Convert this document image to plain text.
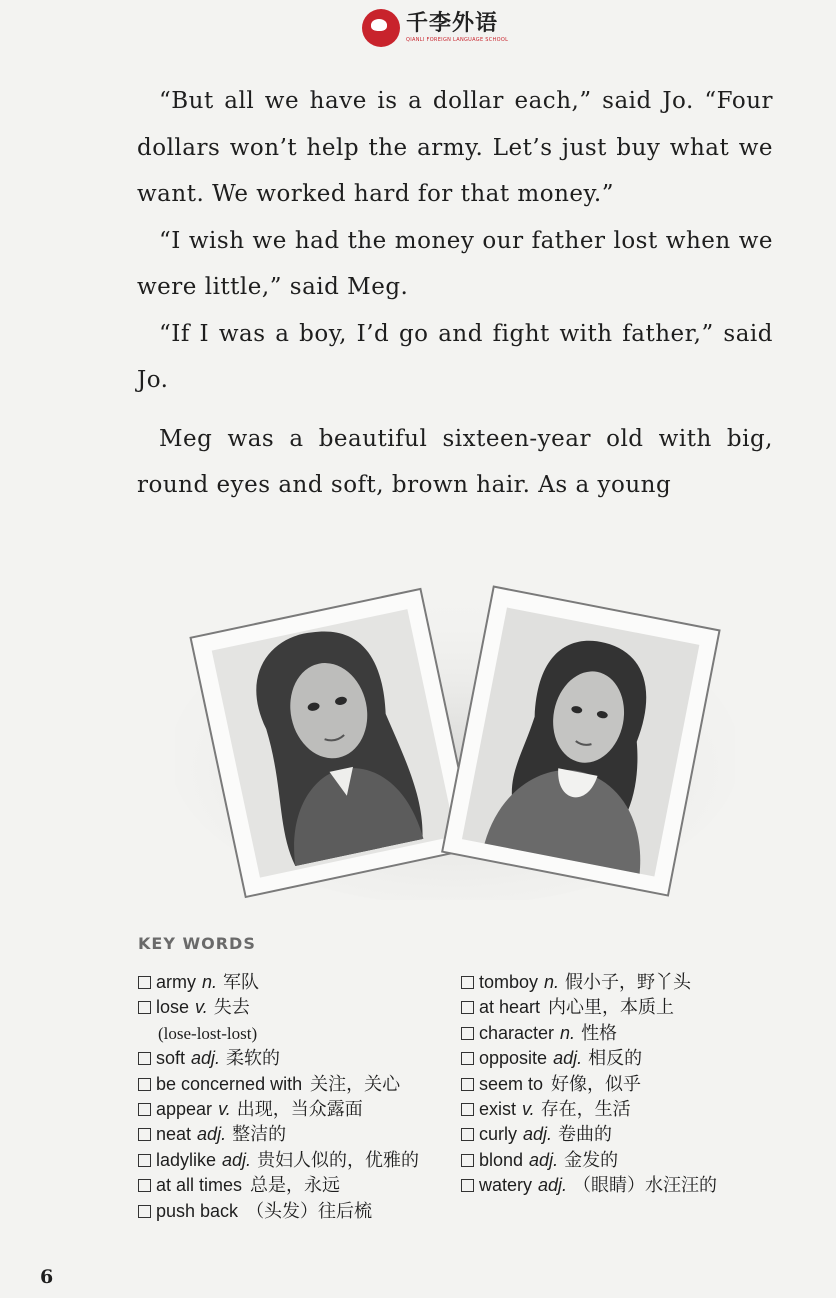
千李外语
QIANLI FOREIGN LANGUAGE SCHOOL

“But all we have is a dollar each,” said Jo. “Four dollars won’t help the army. Let’s just buy what we want. We worked hard for that money.”

“I wish we had the money our father lost when we were little,” said Meg.

“If I was a boy, I’d go and fight with father,” said Jo.

Meg was a beautiful sixteen-year old with big, round eyes and soft, brown hair. As a young

KEY WORDS
army n. 军队
lose v. 失去
(lose-lost-lost)
soft adj. 柔软的
be concerned with 关注，关心
appear v. 出现，当众露面
neat adj. 整洁的
ladylike adj. 贵妇人似的，优雅的
at all times 总是，永远
push back （头发）往后梳
tomboy n. 假小子，野丫头
at heart 内心里，本质上
character n. 性格
opposite adj. 相反的
seem to 好像，似乎
exist v. 存在，生活
curly adj. 卷曲的
blond adj. 金发的
watery adj. （眼睛）水汪汪的
6
